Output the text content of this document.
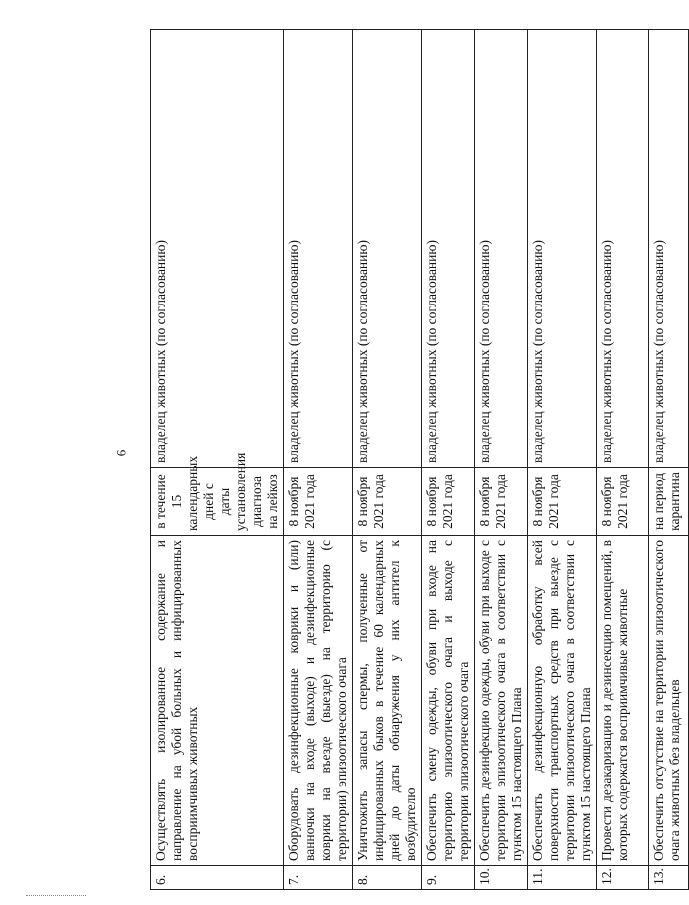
6
6.	Осуществлять изолированное содержание и направление на убой больных и инфицированных восприимчивых животных	в течение 15 календарных дней с даты установления диагноза на лейкоз	владелец животных (по согласованию)
7.	Оборудовать дезинфекционные коврики и (или) ванночки на входе (выходе) и дезинфекционные коврики на въезде (выезде) на территорию (с территории) эпизоотического очага	8 ноября 2021 года	владелец животных (по согласованию)
8.	Уничтожить запасы спермы, полученные от инфицированных быков в течение 60 календарных дней до даты обнаружения у них антител к возбудителю	8 ноября 2021 года	владелец животных (по согласованию)
9.	Обеспечить смену одежды, обуви при входе на территорию эпизоотического очага и выходе с территории эпизоотического очага	8 ноября 2021 года	владелец животных (по согласованию)
10.	Обеспечить дезинфекцию одежды, обуви при выходе с территории эпизоотического очага в соответствии с пунктом 15 настоящего Плана	8 ноября 2021 года	владелец животных (по согласованию)
11.	Обеспечить дезинфекционную обработку всей поверхности транспортных средств при выезде с территории эпизоотического очага в соответствии с пунктом 15 настоящего Плана	8 ноября 2021 года	владелец животных (по согласованию)
12.	Провести дезакаризацию и дезинсекцию помещений, в которых содержатся восприимчивые животные	8 ноября 2021 года	владелец животных (по согласованию)
13.	Обеспечить отсутствие на территории эпизоотического очага животных без владельцев	на период карантина	владелец животных (по согласованию)
